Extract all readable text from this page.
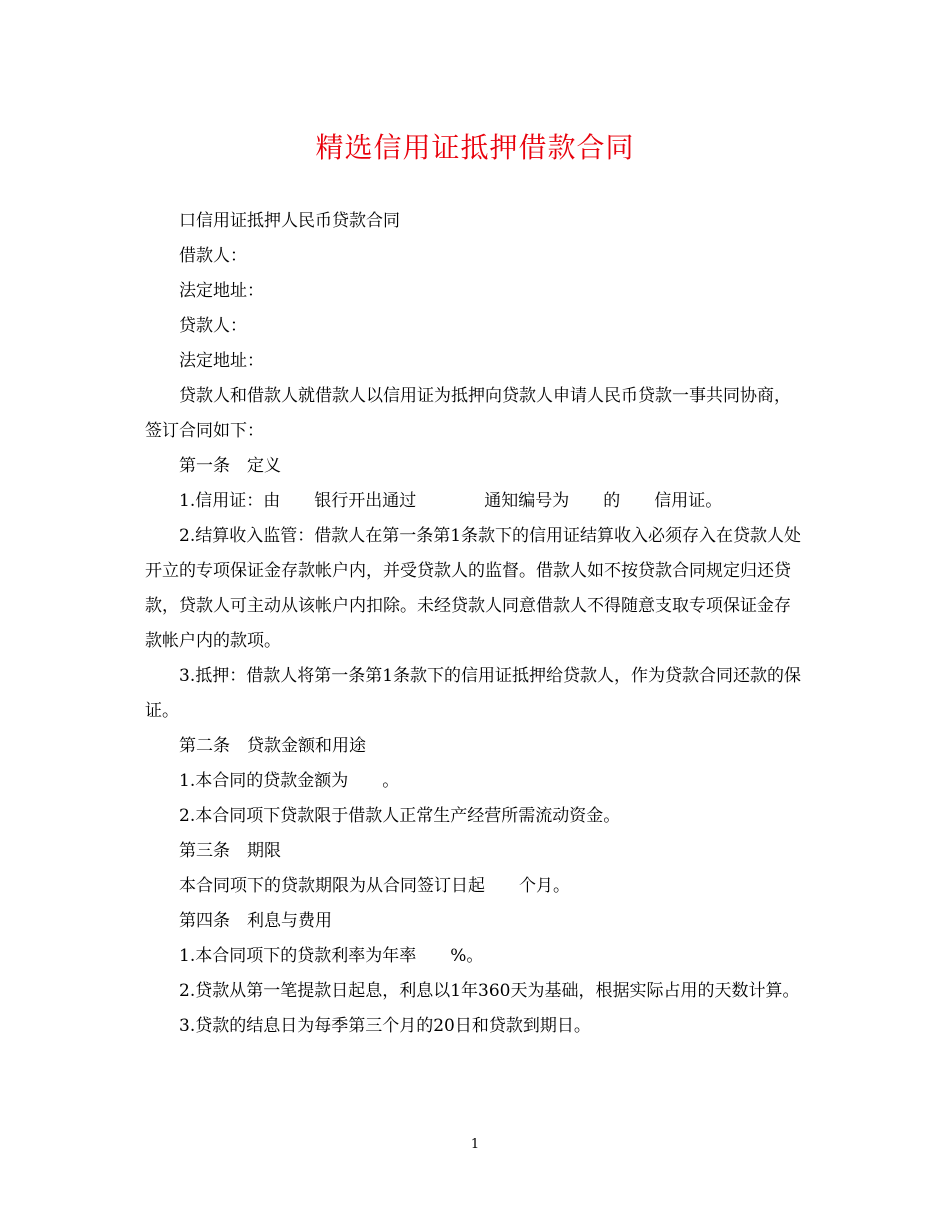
精选信用证抵押借款合同

口信用证抵押人民币贷款合同

借款人：

法定地址：

贷款人：

法定地址：

贷款人和借款人就借款人以信用证为抵押向贷款人申请人民币贷款一事共同协商，签订合同如下：

第一条　定义

1.信用证：由　　银行开出通过　　　　通知编号为　　的　　信用证。

2.结算收入监管：借款人在第一条第1条款下的信用证结算收入必须存入在贷款人处开立的专项保证金存款帐户内，并受贷款人的监督。借款人如不按贷款合同规定归还贷款，贷款人可主动从该帐户内扣除。未经贷款人同意借款人不得随意支取专项保证金存款帐户内的款项。

3.抵押：借款人将第一条第1条款下的信用证抵押给贷款人，作为贷款合同还款的保证。

第二条　贷款金额和用途

1.本合同的贷款金额为　　。

2.本合同项下贷款限于借款人正常生产经营所需流动资金。

第三条　期限

本合同项下的贷款期限为从合同签订日起　　个月。

第四条　利息与费用

1.本合同项下的贷款利率为年率　　%。

2.贷款从第一笔提款日起息，利息以1年360天为基础，根据实际占用的天数计算。

3.贷款的结息日为每季第三个月的20日和贷款到期日。

1
